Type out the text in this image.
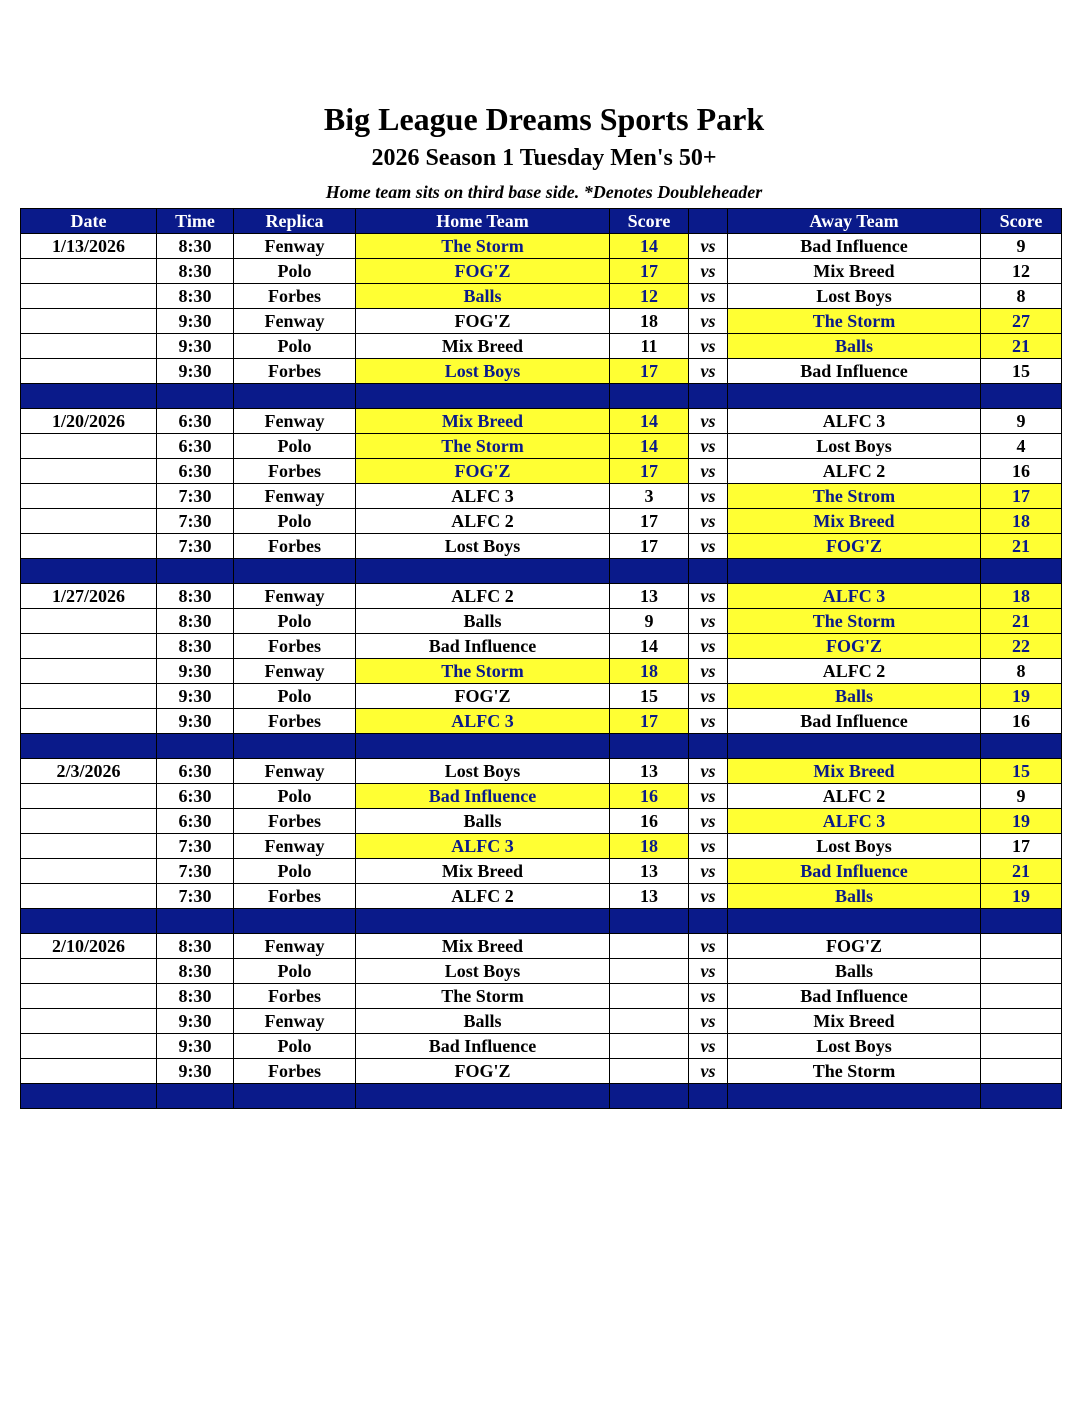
Big League Dreams Sports Park
2026 Season 1 Tuesday Men's 50+
Home team sits on third base side. *Denotes Doubleheader
Date	Time	Replica	Home Team	Score		Away Team	Score
1/13/2026	8:30	Fenway	The Storm	14	vs	Bad Influence	9
	8:30	Polo	FOG'Z	17	vs	Mix Breed	12
	8:30	Forbes	Balls	12	vs	Lost Boys	8
	9:30	Fenway	FOG'Z	18	vs	The Storm	27
	9:30	Polo	Mix Breed	11	vs	Balls	21
	9:30	Forbes	Lost Boys	17	vs	Bad Influence	15

1/20/2026	6:30	Fenway	Mix Breed	14	vs	ALFC 3	9
	6:30	Polo	The Storm	14	vs	Lost Boys	4
	6:30	Forbes	FOG'Z	17	vs	ALFC 2	16
	7:30	Fenway	ALFC 3	3	vs	The Strom	17
	7:30	Polo	ALFC 2	17	vs	Mix Breed	18
	7:30	Forbes	Lost Boys	17	vs	FOG'Z	21

1/27/2026	8:30	Fenway	ALFC 2	13	vs	ALFC 3	18
	8:30	Polo	Balls	9	vs	The Storm	21
	8:30	Forbes	Bad Influence	14	vs	FOG'Z	22
	9:30	Fenway	The Storm	18	vs	ALFC 2	8
	9:30	Polo	FOG'Z	15	vs	Balls	19
	9:30	Forbes	ALFC 3	17	vs	Bad Influence	16

2/3/2026	6:30	Fenway	Lost Boys	13	vs	Mix Breed	15
	6:30	Polo	Bad Influence	16	vs	ALFC 2	9
	6:30	Forbes	Balls	16	vs	ALFC 3	19
	7:30	Fenway	ALFC 3	18	vs	Lost Boys	17
	7:30	Polo	Mix Breed	13	vs	Bad Influence	21
	7:30	Forbes	ALFC 2	13	vs	Balls	19

2/10/2026	8:30	Fenway	Mix Breed		vs	FOG'Z	
	8:30	Polo	Lost Boys		vs	Balls	
	8:30	Forbes	The Storm		vs	Bad Influence	
	9:30	Fenway	Balls		vs	Mix Breed	
	9:30	Polo	Bad Influence		vs	Lost Boys	
	9:30	Forbes	FOG'Z		vs	The Storm	
